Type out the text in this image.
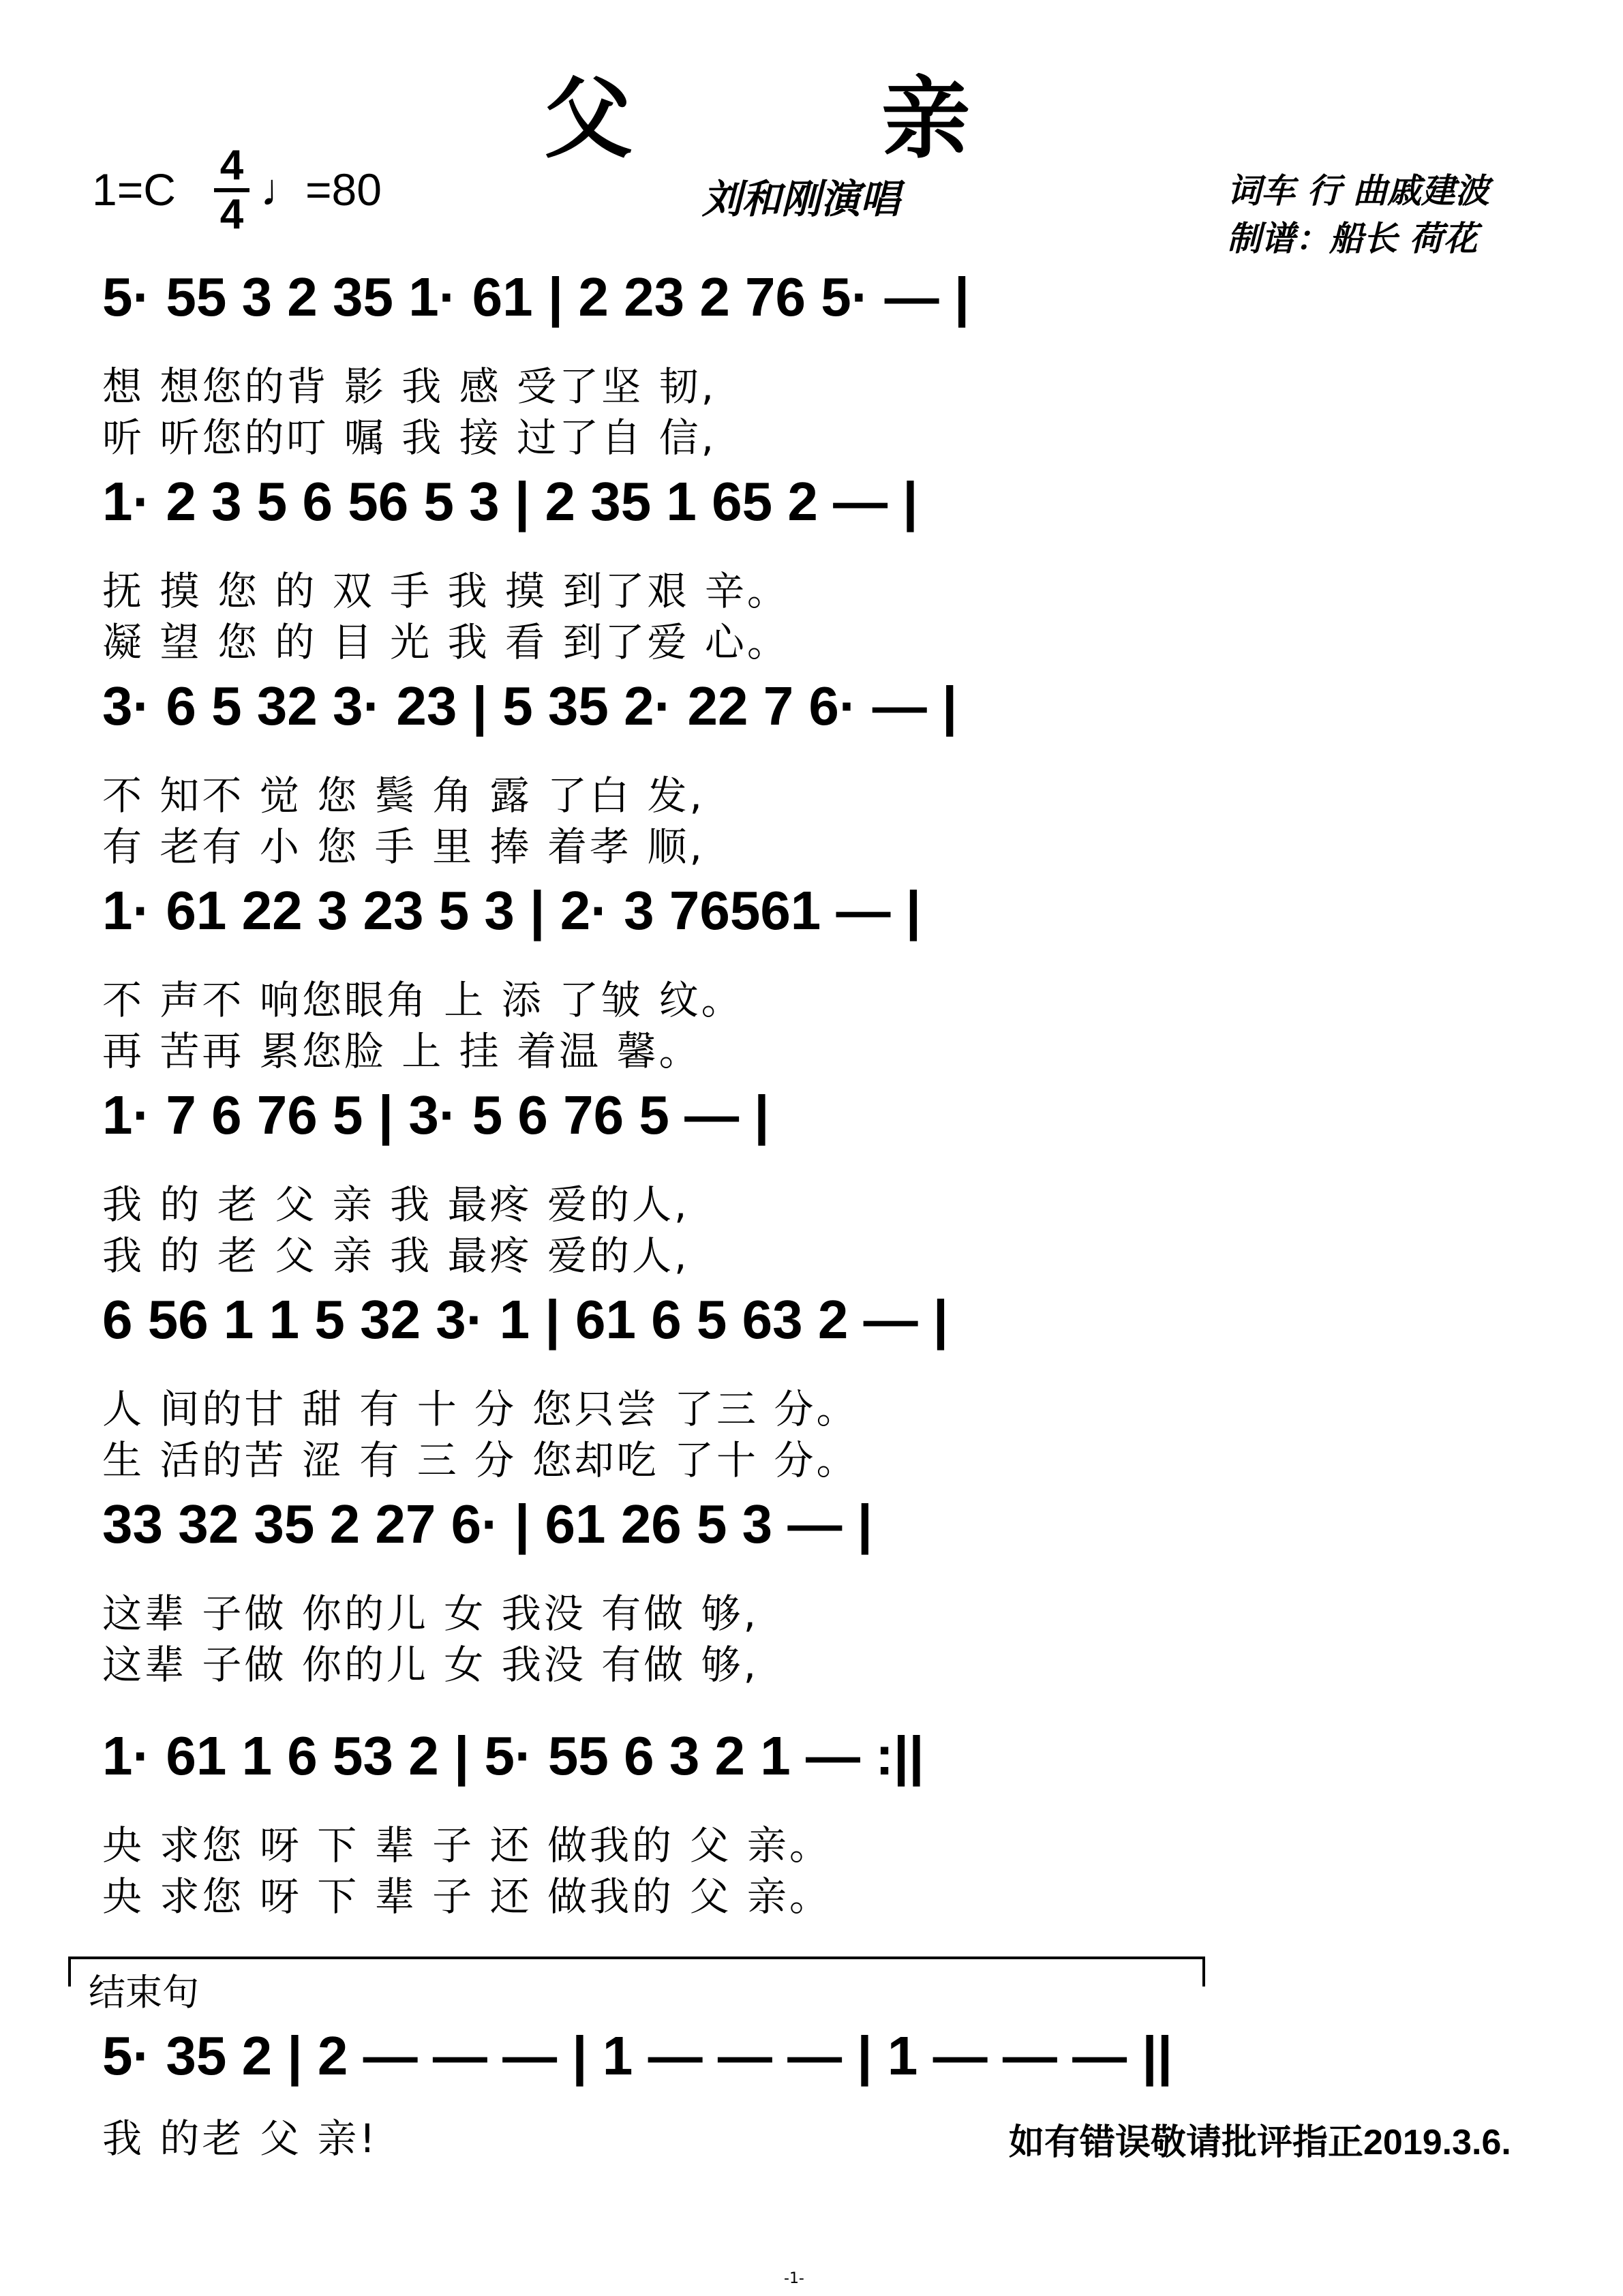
父 亲
1=C 4
4 ♩=80	刘和刚演唱	词车 行 曲戚建波
制谱：船长 荷花
5· 55 3 2 35 1· 61 | 2 23 2 76 5· — |
想 想您的背 影 我 感 受了坚 韧,
听 听您的叮 嘱 我 接 过了自 信,
1· 2 3 5 6 56 5 3 | 2 35 1 65 2 — |
抚 摸 您 的 双 手 我 摸 到了艰 辛。
凝 望 您 的 目 光 我 看 到了爱 心。
3· 6 5 32 3· 23 | 5 35 2· 22 7 6· — |
不 知不 觉 您 鬓 角 露 了白 发,
有 老有 小 您 手 里 捧 着孝 顺,
1· 61 22 3 23 5 3 | 2· 3 76561 — |
不 声不 响您眼角 上 添 了皱 纹。
再 苦再 累您脸 上 挂 着温 馨。
1· 7 6 76 5 | 3· 5 6 76 5 — |
我 的 老 父 亲 我 最疼 爱的人,
我 的 老 父 亲 我 最疼 爱的人,
6 56 1 1 5 32 3· 1 | 61 6 5 63 2 — |
人 间的甘 甜 有 十 分 您只尝 了三 分。
生 活的苦 涩 有 三 分 您却吃 了十 分。
33 32 35 2 27 6· | 61 26 5 3 — |
这辈 子做 你的儿 女 我没 有做 够,
这辈 子做 你的儿 女 我没 有做 够,
1· 61 1 6 53 2 | 5· 55 6 3 2 1 — :||
央 求您 呀 下 辈 子 还 做我的 父 亲。
央 求您 呀 下 辈 子 还 做我的 父 亲。
结束句
5· 35 2 | 2 — — — | 1 — — — | 1 — — — ||
我 的老 父 亲!	如有错误敬请批评指正2019.3.6.
-1-
